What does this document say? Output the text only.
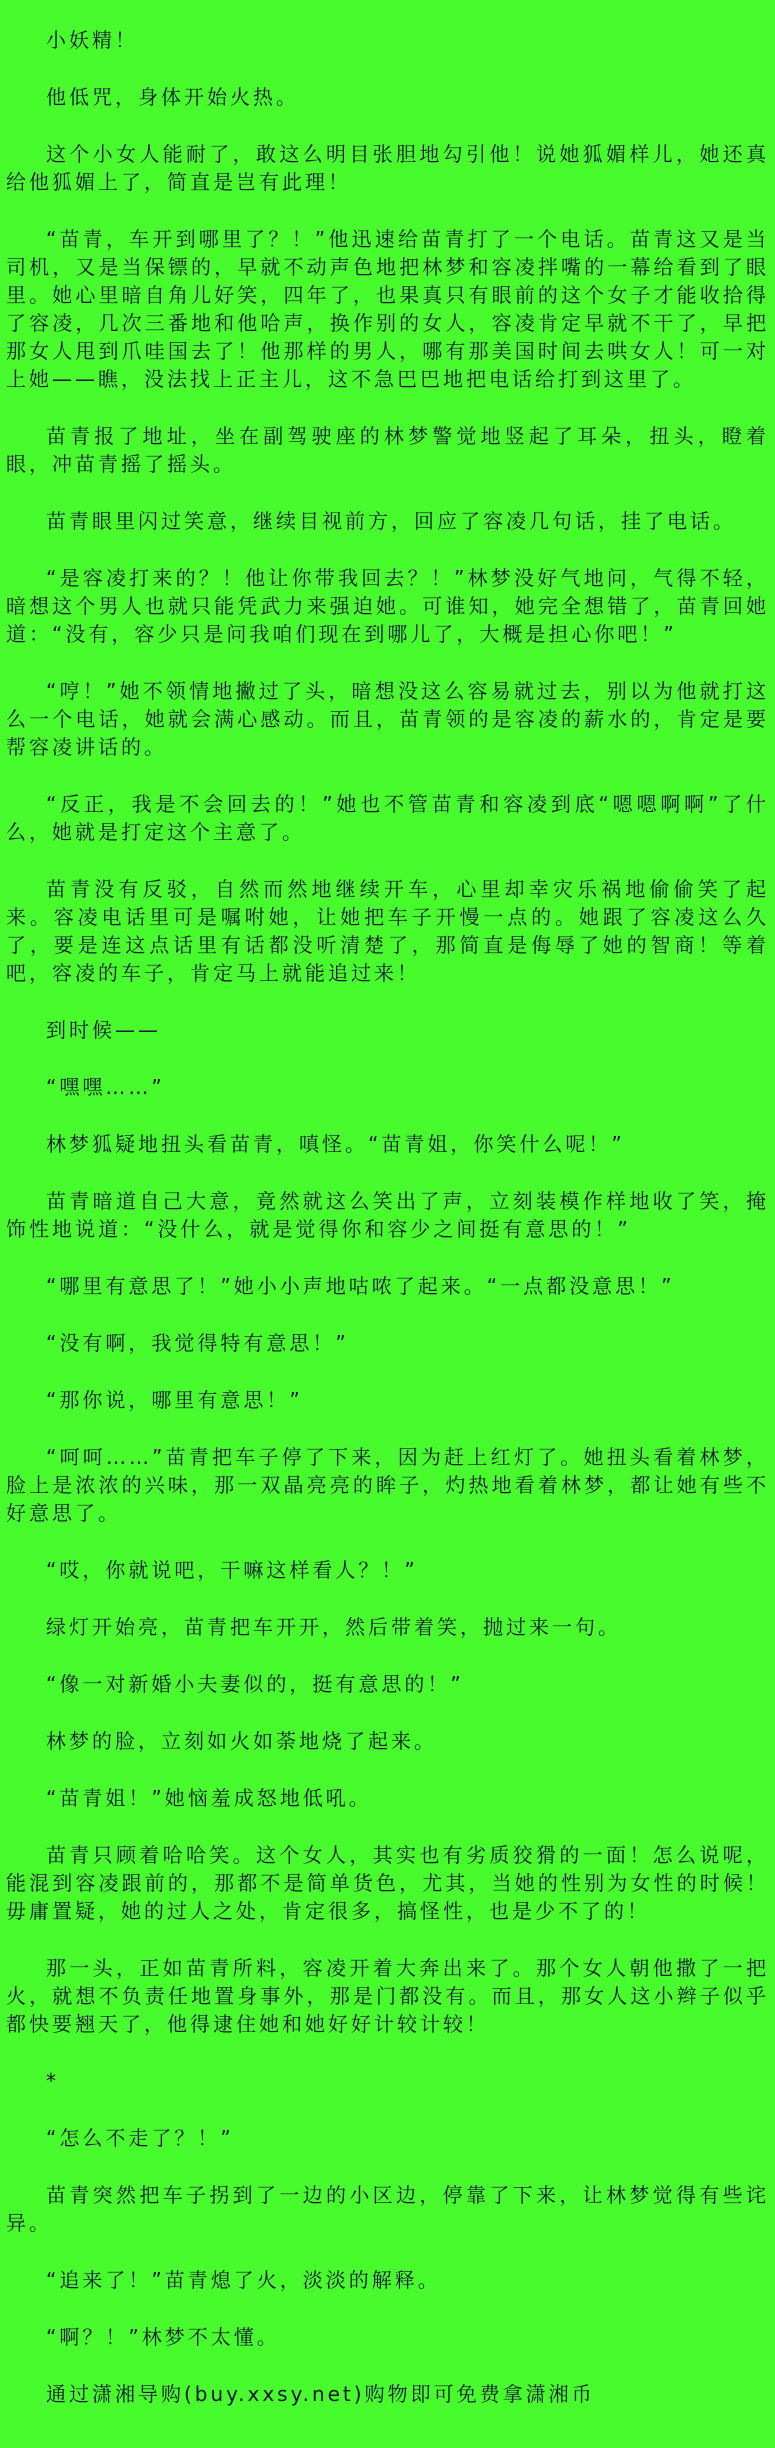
小妖精！

他低咒，身体开始火热。

这个小女人能耐了，敢这么明目张胆地勾引他！说她狐媚样儿，她还真给他狐媚上了，简直是岂有此理！

“苗青，车开到哪里了？！”他迅速给苗青打了一个电话。苗青这又是当司机，又是当保镖的，早就不动声色地把林梦和容凌拌嘴的一幕给看到了眼里。她心里暗自角儿好笑，四年了，也果真只有眼前的这个女子才能收拾得了容凌，几次三番地和他哈声，换作别的女人，容凌肯定早就不干了，早把那女人甩到爪哇国去了！他那样的男人，哪有那美国时间去哄女人！可一对上她——瞧，没法找上正主儿，这不急巴巴地把电话给打到这里了。

苗青报了地址，坐在副驾驶座的林梦警觉地竖起了耳朵，扭头，瞪着眼，冲苗青摇了摇头。

苗青眼里闪过笑意，继续目视前方，回应了容凌几句话，挂了电话。

“是容凌打来的？！他让你带我回去？！”林梦没好气地问，气得不轻，暗想这个男人也就只能凭武力来强迫她。可谁知，她完全想错了，苗青回她道：“没有，容少只是问我咱们现在到哪儿了，大概是担心你吧！”

“哼！”她不领情地撇过了头，暗想没这么容易就过去，别以为他就打这么一个电话，她就会满心感动。而且，苗青领的是容凌的薪水的，肯定是要帮容凌讲话的。

“反正，我是不会回去的！”她也不管苗青和容凌到底“嗯嗯啊啊”了什么，她就是打定这个主意了。

苗青没有反驳，自然而然地继续开车，心里却幸灾乐祸地偷偷笑了起来。容凌电话里可是嘱咐她，让她把车子开慢一点的。她跟了容凌这么久了，要是连这点话里有话都没听清楚了，那简直是侮辱了她的智商！等着吧，容凌的车子，肯定马上就能追过来！

到时候——

“嘿嘿……”

林梦狐疑地扭头看苗青，嗔怪。“苗青姐，你笑什么呢！”

苗青暗道自己大意，竟然就这么笑出了声，立刻装模作样地收了笑，掩饰性地说道：“没什么，就是觉得你和容少之间挺有意思的！”

“哪里有意思了！”她小小声地咕哝了起来。“一点都没意思！”

“没有啊，我觉得特有意思！”

“那你说，哪里有意思！”

“呵呵……”苗青把车子停了下来，因为赶上红灯了。她扭头看着林梦，脸上是浓浓的兴味，那一双晶亮亮的眸子，灼热地看着林梦，都让她有些不好意思了。

“哎，你就说吧，干嘛这样看人？！”

绿灯开始亮，苗青把车开开，然后带着笑，抛过来一句。

“像一对新婚小夫妻似的，挺有意思的！”

林梦的脸，立刻如火如荼地烧了起来。

“苗青姐！”她恼羞成怒地低吼。

苗青只顾着哈哈笑。这个女人，其实也有劣质狡猾的一面！怎么说呢，能混到容凌跟前的，那都不是简单货色，尤其，当她的性别为女性的时候！毋庸置疑，她的过人之处，肯定很多，搞怪性，也是少不了的！

那一头，正如苗青所料，容凌开着大奔出来了。那个女人朝他撒了一把火，就想不负责任地置身事外，那是门都没有。而且，那女人这小辫子似乎都快要翘天了，他得逮住她和她好好计较计较！

*

“怎么不走了？！”

苗青突然把车子拐到了一边的小区边，停靠了下来，让林梦觉得有些诧异。

“追来了！”苗青熄了火，淡淡的解释。

“啊？！”林梦不太懂。

通过潇湘导购(buy.xxsy.net)购物即可免费拿潇湘币
